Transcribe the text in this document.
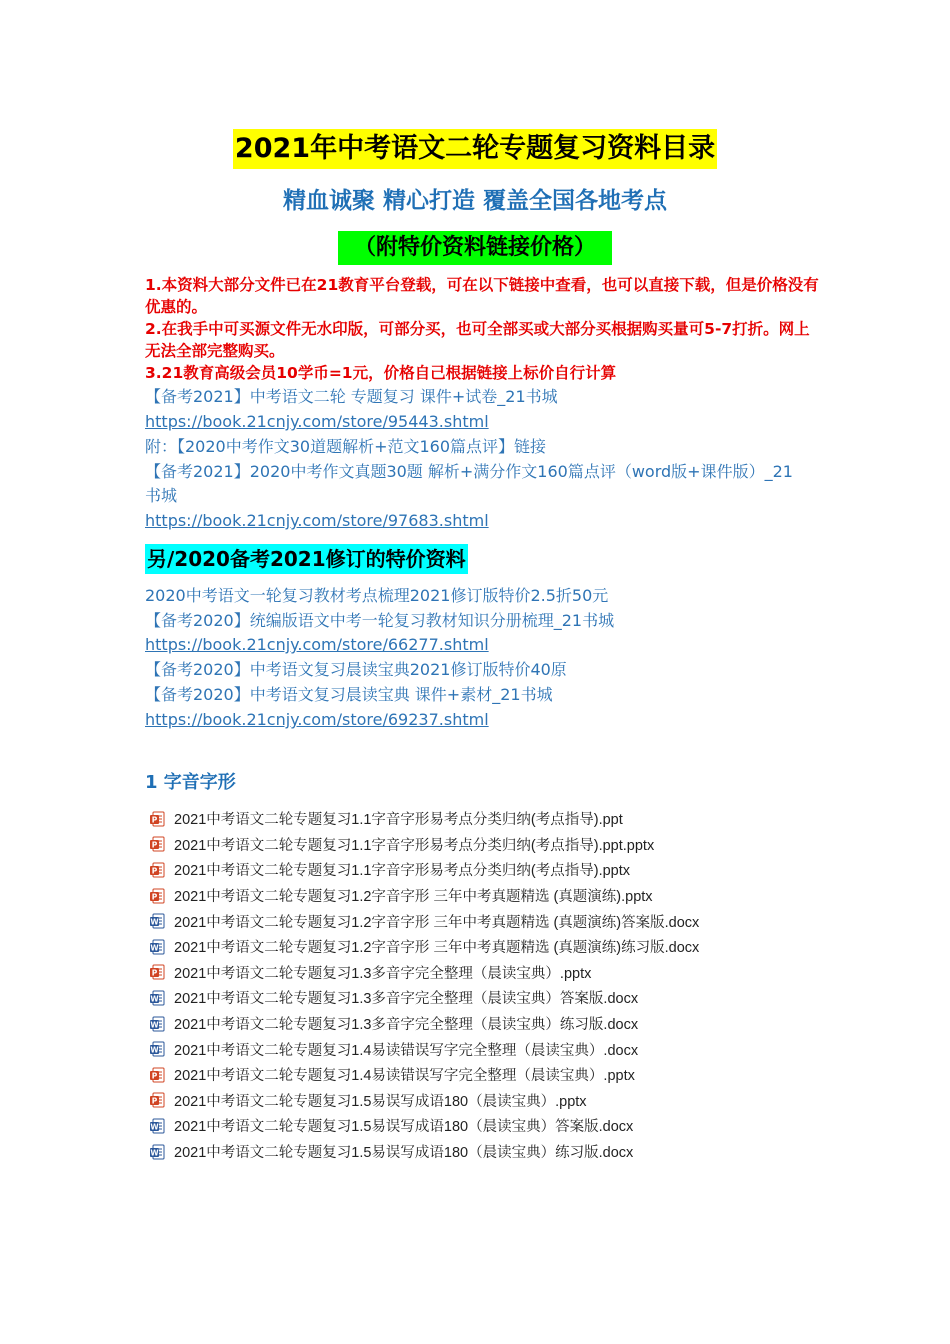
2021年中考语文二轮专题复习资料目录
精血诚聚 精心打造 覆盖全国各地考点
（附特价资料链接价格）

1.本资料大部分文件已在21教育平台登载，可在以下链接中查看，也可以直接下载，但是价格没有优惠的。

2.在我手中可买源文件无水印版，可部分买，也可全部买或大部分买根据购买量可5-7打折。网上无法全部完整购买。

3.21教育高级会员10学币=1元，价格自己根据链接上标价自行计算

【备考2021】中考语文二轮 专题复习 课件+试卷_21书城

https://book.21cnjy.com/store/95443.shtml

附：【2020中考作文30道题解析+范文160篇点评】链接

【备考2021】2020中考作文真题30题 解析+满分作文160篇点评（word版+课件版）_21书城

https://book.21cnjy.com/store/97683.shtml
另/2020备考2021修订的特价资料

2020中考语文一轮复习教材考点梳理2021修订版特价2.5折50元

【备考2020】统编版语文中考一轮复习教材知识分册梳理_21书城

https://book.21cnjy.com/store/66277.shtml

【备考2020】中考语文复习晨读宝典2021修订版特价40原

【备考2020】中考语文复习晨读宝典 课件+素材_21书城

https://book.21cnjy.com/store/69237.shtml

1 字音字形

P 2021中考语文二轮专题复习1.1字音字形易考点分类归纳(考点指导).ppt
P 2021中考语文二轮专题复习1.1字音字形易考点分类归纳(考点指导).ppt.pptx
P 2021中考语文二轮专题复习1.1字音字形易考点分类归纳(考点指导).pptx
P 2021中考语文二轮专题复习1.2字音字形 三年中考真题精选 (真题演练).pptx
W 2021中考语文二轮专题复习1.2字音字形 三年中考真题精选 (真题演练)答案版.docx
W 2021中考语文二轮专题复习1.2字音字形 三年中考真题精选 (真题演练)练习版.docx
P 2021中考语文二轮专题复习1.3多音字完全整理（晨读宝典）.pptx
W 2021中考语文二轮专题复习1.3多音字完全整理（晨读宝典）答案版.docx
W 2021中考语文二轮专题复习1.3多音字完全整理（晨读宝典）练习版.docx
W 2021中考语文二轮专题复习1.4易读错误写字完全整理（晨读宝典）.docx
P 2021中考语文二轮专题复习1.4易读错误写字完全整理（晨读宝典）.pptx
P 2021中考语文二轮专题复习1.5易误写成语180（晨读宝典）.pptx
W 2021中考语文二轮专题复习1.5易误写成语180（晨读宝典）答案版.docx
W 2021中考语文二轮专题复习1.5易误写成语180（晨读宝典）练习版.docx
